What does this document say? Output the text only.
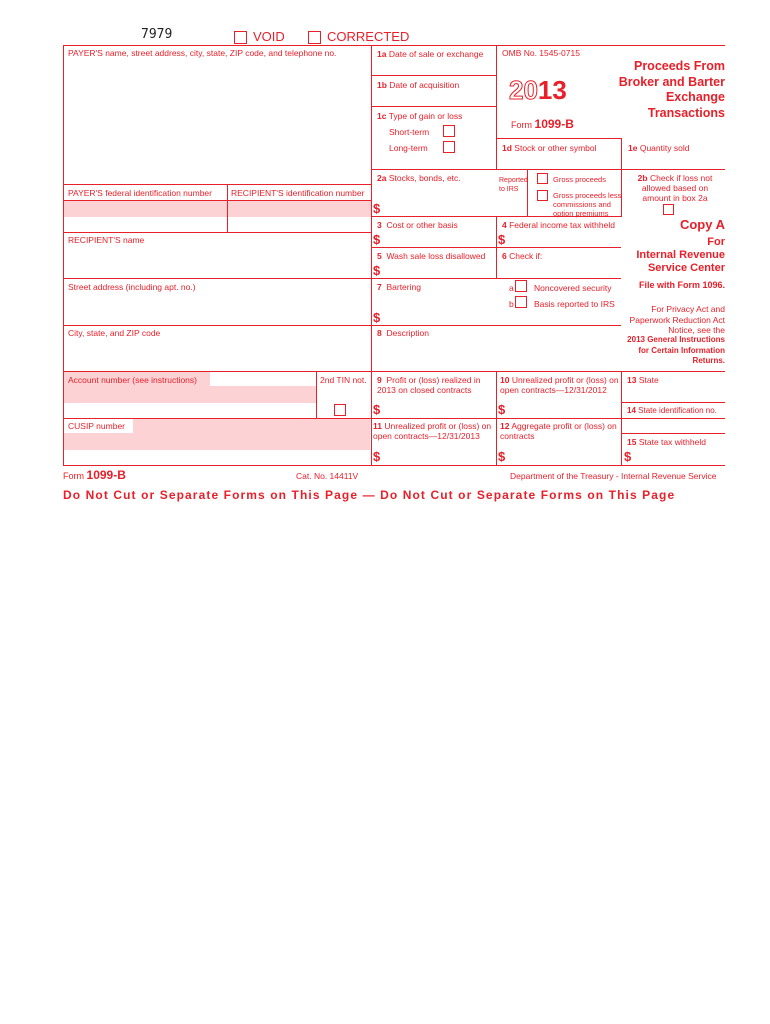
7979	VOID	CORRECTED
PAYER'S name, street address, city, state, ZIP code, and telephone no.
PAYER'S federal identification number RECIPIENT'S identification number
RECIPIENT'S name
Street address (including apt. no.)
City, state, and ZIP code
Account number (see instructions)	2nd TIN not.
CUSIP number
1a Date of sale or exchange
1b Date of acquisition
1c Type of gain or loss
Short-term
Long-term
2a Stocks, bonds, etc.
$
3 Cost or other basis
$
5 Wash sale loss disallowed
$
7 Bartering
$
8 Description
9 Profit or (loss) realized in 2013 on closed contracts
$
11 Unrealized profit or (loss) on open contracts—12/31/2013
$
OMB No. 1545-0715
2013
Form 1099-B
1d Stock or other symbol
Reported to IRS
Gross proceeds
Gross proceeds less commissions and option premiums
4 Federal income tax withheld
$
6 Check if:
a Noncovered security
b Basis reported to IRS
10 Unrealized profit or (loss) on open contracts—12/31/2012
$
12 Aggregate profit or (loss) on contracts
$
Proceeds From Broker and Barter Exchange Transactions
1e Quantity sold
2b Check if loss not allowed based on amount in box 2a
Copy A
For
Internal Revenue Service Center
File with Form 1096.
For Privacy Act and Paperwork Reduction Act Notice, see the
2013 General Instructions for Certain Information Returns.
13 State
14 State identification no.
15 State tax withheld
$
Form 1099-B	Cat. No. 14411V	Department of the Treasury - Internal Revenue Service
Do Not Cut or Separate Forms on This Page — Do Not Cut or Separate Forms on This Page
